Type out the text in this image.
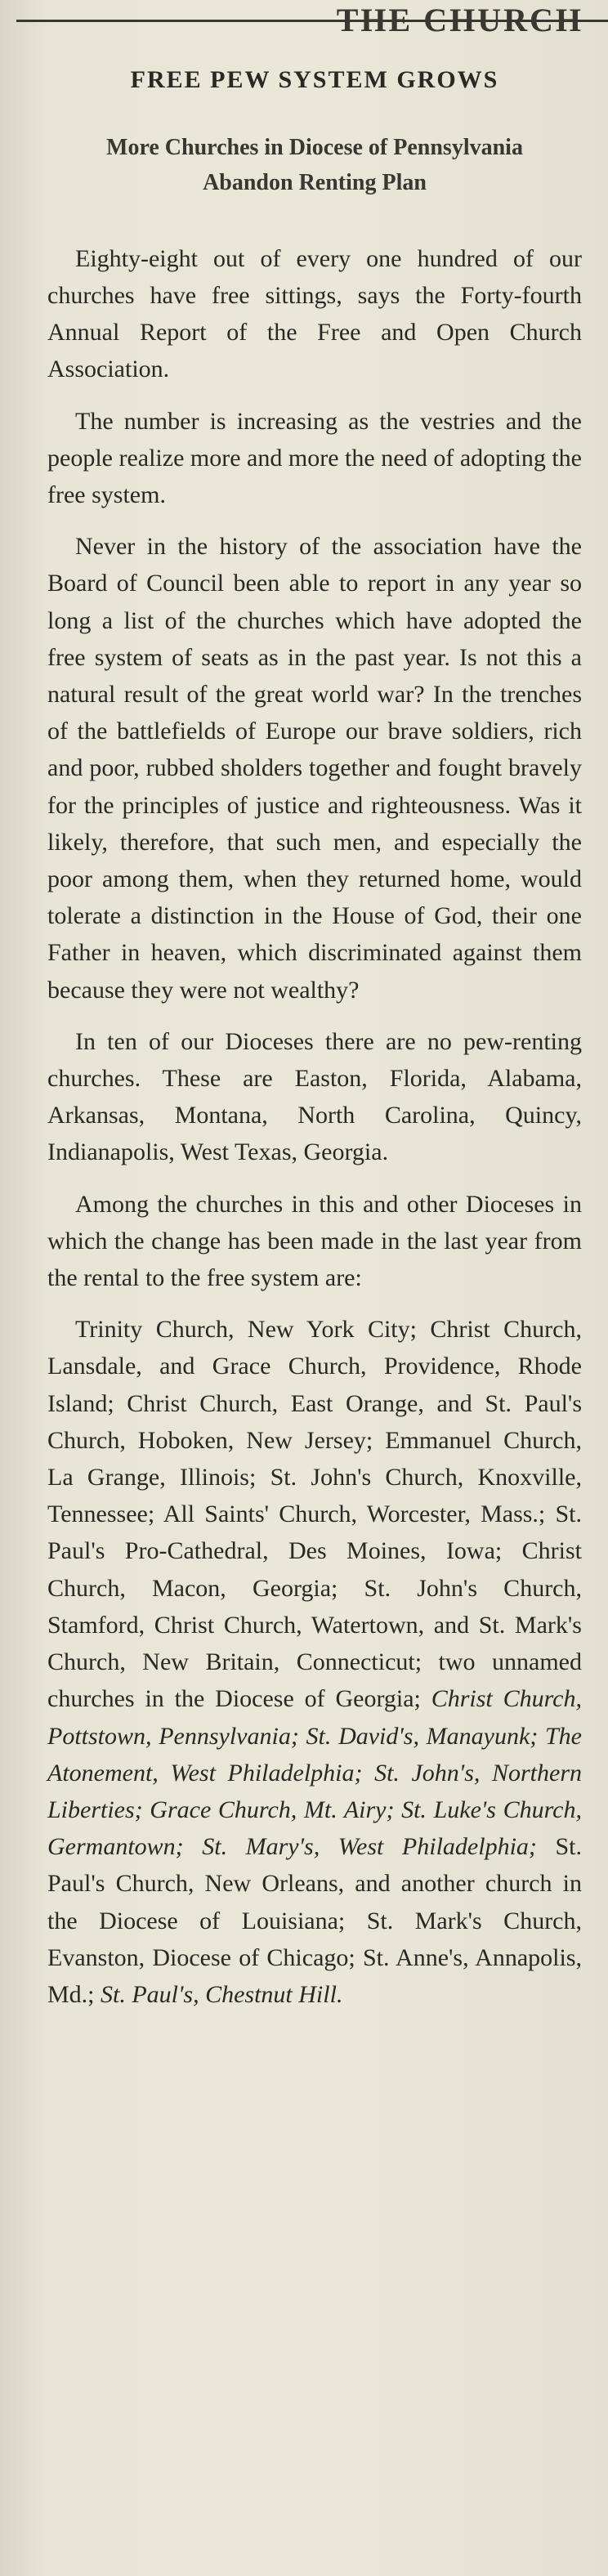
THE CHURCH
FREE PEW SYSTEM GROWS
More Churches in Diocese of Pennsylvania
Abandon Renting Plan

Eighty-eight out of every one hundred of our churches have free sittings, says the Forty-fourth Annual Report of the Free and Open Church Association.

The number is increasing as the vestries and the people realize more and more the need of adopting the free system.

Never in the history of the association have the Board of Council been able to report in any year so long a list of the churches which have adopted the free system of seats as in the past year. Is not this a natural result of the great world war? In the trenches of the battlefields of Europe our brave soldiers, rich and poor, rubbed sholders together and fought bravely for the principles of justice and righteousness. Was it likely, therefore, that such men, and especially the poor among them, when they returned home, would tolerate a distinction in the House of God, their one Father in heaven, which discriminated against them because they were not wealthy?

In ten of our Dioceses there are no pew-renting churches. These are Easton, Florida, Alabama, Arkansas, Montana, North Carolina, Quincy, Indianapolis, West Texas, Georgia.

Among the churches in this and other Dioceses in which the change has been made in the last year from the rental to the free system are:

Trinity Church, New York City; Christ Church, Lansdale, and Grace Church, Providence, Rhode Island; Christ Church, East Orange, and St. Paul's Church, Hoboken, New Jersey; Emmanuel Church, La Grange, Illinois; St. John's Church, Knoxville, Tennessee; All Saints' Church, Worcester, Mass.; St. Paul's Pro-Cathedral, Des Moines, Iowa; Christ Church, Macon, Georgia; St. John's Church, Stamford, Christ Church, Watertown, and St. Mark's Church, New Britain, Connecticut; two unnamed churches in the Diocese of Georgia; Christ Church, Pottstown, Pennsylvania; St. David's, Manayunk; The Atonement, West Philadelphia; St. John's, Northern Liberties; Grace Church, Mt. Airy; St. Luke's Church, Germantown; St. Mary's, West Philadelphia; St. Paul's Church, New Orleans, and another church in the Diocese of Louisiana; St. Mark's Church, Evanston, Diocese of Chicago; St. Anne's, Annapolis, Md.; St. Paul's, Chestnut Hill.
